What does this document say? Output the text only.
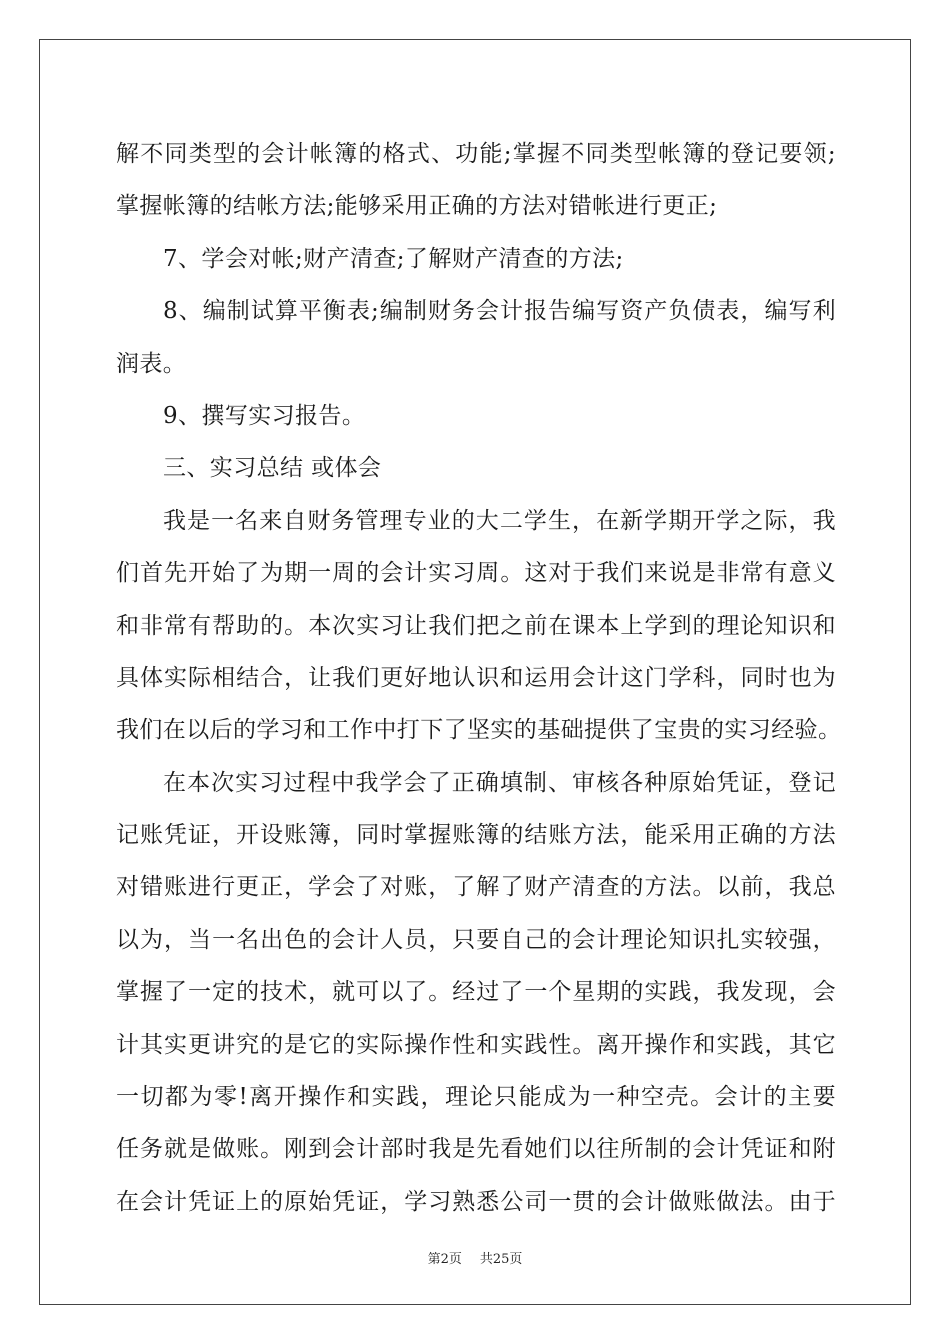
解不同类型的会计帐簿的格式、功能;掌握不同类型帐簿的登记要领;
掌握帐簿的结帐方法;能够采用正确的方法对错帐进行更正;
7、学会对帐;财产清查;了解财产清查的方法;
8、编制试算平衡表;编制财务会计报告编写资产负债表，编写利
润表。
9、撰写实习报告。
三、实习总结 或体会
我是一名来自财务管理专业的大二学生，在新学期开学之际，我
们首先开始了为期一周的会计实习周。这对于我们来说是非常有意义
和非常有帮助的。本次实习让我们把之前在课本上学到的理论知识和
具体实际相结合，让我们更好地认识和运用会计这门学科，同时也为
我们在以后的学习和工作中打下了坚实的基础提供了宝贵的实习经验。
在本次实习过程中我学会了正确填制、审核各种原始凭证，登记
记账凭证，开设账簿，同时掌握账簿的结账方法，能采用正确的方法
对错账进行更正，学会了对账，了解了财产清查的方法。以前，我总
以为，当一名出色的会计人员，只要自己的会计理论知识扎实较强，
掌握了一定的技术，就可以了。经过了一个星期的实践，我发现，会
计其实更讲究的是它的实际操作性和实践性。离开操作和实践，其它
一切都为零!离开操作和实践，理论只能成为一种空壳。会计的主要
任务就是做账。刚到会计部时我是先看她们以往所制的会计凭证和附
在会计凭证上的原始凭证，学习熟悉公司一贯的会计做账做法。由于
第2页 共25页
